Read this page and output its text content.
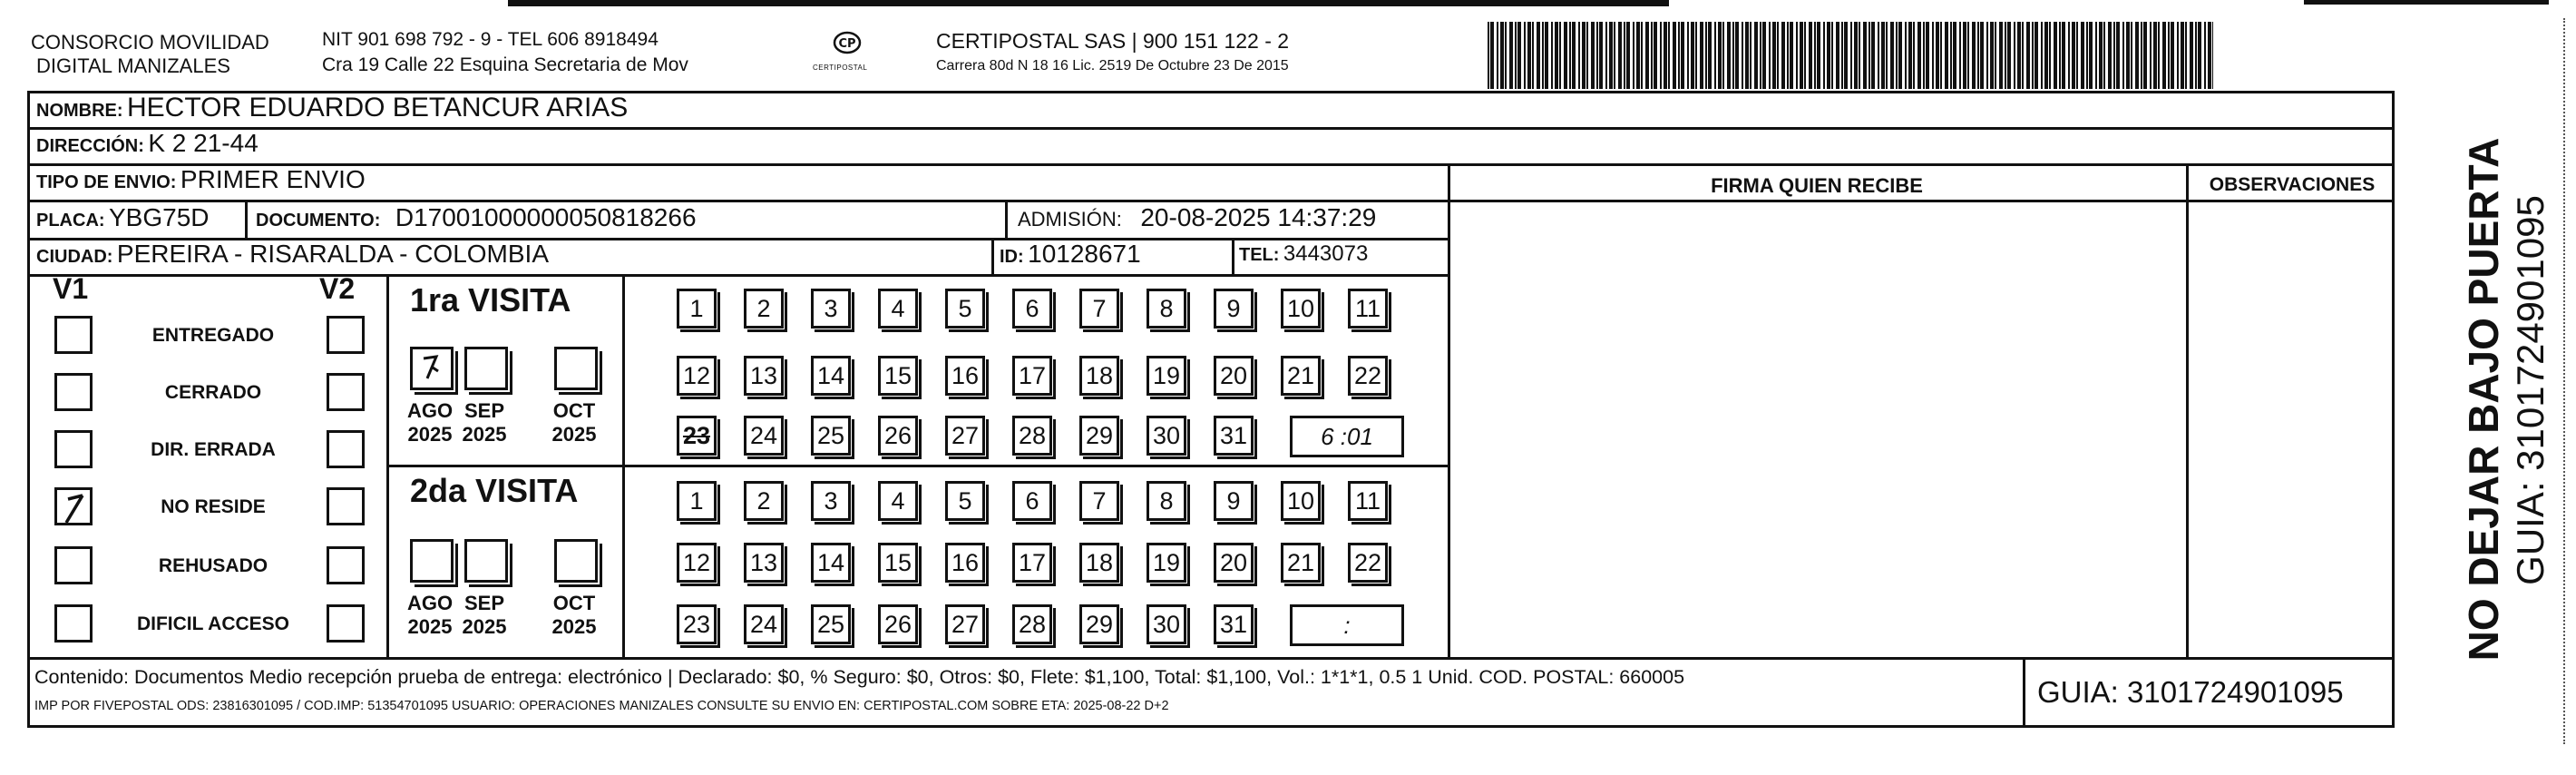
CONSORCIO MOVILIDAD
DIGITAL MANIZALES
NIT 901 698 792 - 9 - TEL 606 8918494
Cra 19 Calle 22 Esquina Secretaria de Mov
CP
CERTIPOSTAL
CERTIPOSTAL SAS | 900 151 122 - 2
Carrera 80d N 18 16 Lic. 2519 De Octubre 23 De 2015
NOMBRE: HECTOR EDUARDO BETANCUR ARIAS
DIRECCIÓN: K 2 21-44
TIPO DE ENVIO: PRIMER ENVIO	FIRMA QUIEN RECIBE	OBSERVACIONES
PLACA: YBG75D	DOCUMENTO: D17001000000050818266	ADMISIÓN: 20-08-2025 14:37:29
CIUDAD: PEREIRA - RISARALDA - COLOMBIA	ID: 10128671	TEL: 3443073
V1	V2
ENTREGADO
CERRADO
DIR. ERRADA
NO RESIDE
REHUSADO
DIFICIL ACCESO
1ra VISITA
2da VISITA
AGO
2025
SEP
2025
OCT
2025
AGO
2025
SEP
2025
OCT
2025
1	2	3	4	5	6	7	8	9	10 11
12 13 14 15 16 17 18 19 20 21 22
23 24 25 26 27 28 29 30 31	6 :01
1	2	3	4	5	6	7	8	9	10 11
12 13 14 15 16 17 18 19 20 21 22
23 24 25 26 27 28 29 30 31	:
Contenido: Documentos Medio recepción prueba de entrega: electrónico | Declarado: $0, % Seguro: $0, Otros: $0, Flete: $1,100, Total: $1,100, Vol.: 1*1*1, 0.5 1 Unid. COD. POSTAL: 660005
IMP POR FIVEPOSTAL ODS: 23816301095 / COD.IMP: 51354701095 USUARIO: OPERACIONES MANIZALES CONSULTE SU ENVIO EN: CERTIPOSTAL.COM SOBRE ETA: 2025-08-22 D+2	GUIA: 3101724901095
NO DEJAR BAJO PUERTA GUIA: 3101724901095
